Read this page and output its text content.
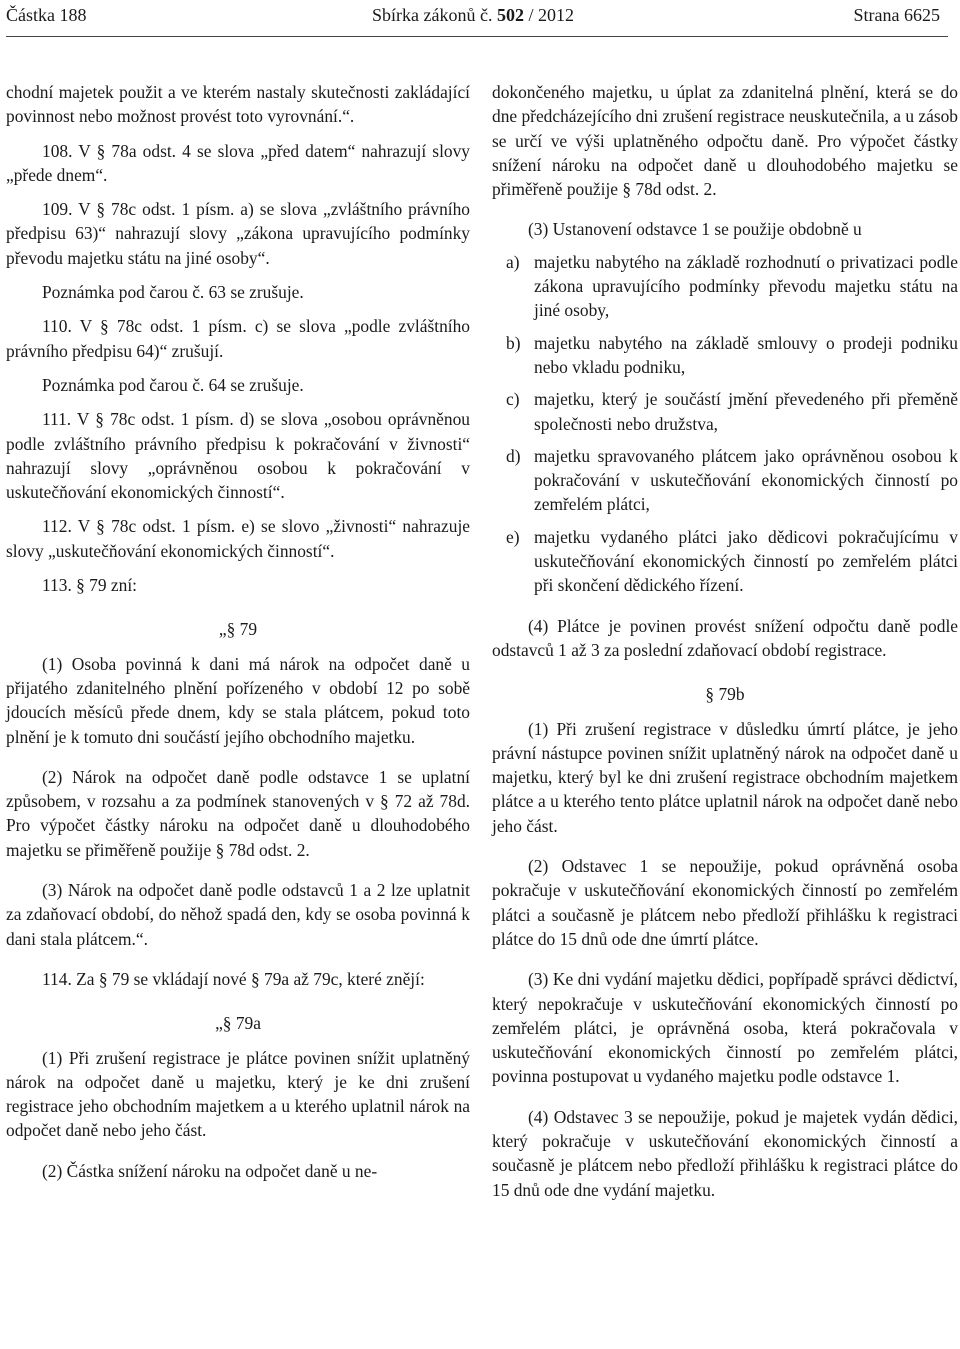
Částka 188	Sbírka zákonů č. 502 / 2012	Strana 6625

chodní majetek použit a ve kterém nastaly skutečnosti zakládající povinnost nebo možnost provést toto vyrovnání.“.

108. V § 78a odst. 4 se slova „před datem“ nahrazují slovy „přede dnem“.

109. V § 78c odst. 1 písm. a) se slova „zvláštního právního předpisu 63)“ nahrazují slovy „zákona upravujícího podmínky převodu majetku státu na jiné osoby“.

Poznámka pod čarou č. 63 se zrušuje.

110. V § 78c odst. 1 písm. c) se slova „podle zvláštního právního předpisu 64)“ zrušují.

Poznámka pod čarou č. 64 se zrušuje.

111. V § 78c odst. 1 písm. d) se slova „osobou oprávněnou podle zvláštního právního předpisu k pokračování v živnosti“ nahrazují slovy „oprávněnou osobou k pokračování v uskutečňování ekonomických činností“.

112. V § 78c odst. 1 písm. e) se slovo „živnosti“ nahrazuje slovy „uskutečňování ekonomických činností“.

113. § 79 zní:

„§ 79

(1) Osoba povinná k dani má nárok na odpočet daně u přijatého zdanitelného plnění pořízeného v období 12 po sobě jdoucích měsíců přede dnem, kdy se stala plátcem, pokud toto plnění je k tomuto dni součástí jejího obchodního majetku.

(2) Nárok na odpočet daně podle odstavce 1 se uplatní způsobem, v rozsahu a za podmínek stanovených v § 72 až 78d. Pro výpočet částky nároku na odpočet daně u dlouhodobého majetku se přiměřeně použije § 78d odst. 2.

(3) Nárok na odpočet daně podle odstavců 1 a 2 lze uplatnit za zdaňovací období, do něhož spadá den, kdy se osoba povinná k dani stala plátcem.“.

114. Za § 79 se vkládají nové § 79a až 79c, které znějí:

„§ 79a

(1) Při zrušení registrace je plátce povinen snížit uplatněný nárok na odpočet daně u majetku, který je ke dni zrušení registrace jeho obchodním majetkem a u kterého uplatnil nárok na odpočet daně nebo jeho část.

(2) Částka snížení nároku na odpočet daně u ne-

dokončeného majetku, u úplat za zdanitelná plnění, která se do dne předcházejícího dni zrušení registrace neuskutečnila, a u zásob se určí ve výši uplatněného odpočtu daně. Pro výpočet částky snížení nároku na odpočet daně u dlouhodobého majetku se přiměřeně použije § 78d odst. 2.

(3) Ustanovení odstavce 1 se použije obdobně u

a) majetku nabytého na základě rozhodnutí o privatizaci podle zákona upravujícího podmínky převodu majetku státu na jiné osoby,
b) majetku nabytého na základě smlouvy o prodeji podniku nebo vkladu podniku,
c) majetku, který je součástí jmění převedeného při přeměně společnosti nebo družstva,
d) majetku spravovaného plátcem jako oprávněnou osobou k pokračování v uskutečňování ekonomických činností po zemřelém plátci,
e) majetku vydaného plátci jako dědicovi pokračujícímu v uskutečňování ekonomických činností po zemřelém plátci při skončení dědického řízení.

(4) Plátce je povinen provést snížení odpočtu daně podle odstavců 1 až 3 za poslední zdaňovací období registrace.

§ 79b

(1) Při zrušení registrace v důsledku úmrtí plátce, je jeho právní nástupce povinen snížit uplatněný nárok na odpočet daně u majetku, který byl ke dni zrušení registrace obchodním majetkem plátce a u kterého tento plátce uplatnil nárok na odpočet daně nebo jeho část.

(2) Odstavec 1 se nepoužije, pokud oprávněná osoba pokračuje v uskutečňování ekonomických činností po zemřelém plátci a současně je plátcem nebo předloží přihlášku k registraci plátce do 15 dnů ode dne úmrtí plátce.

(3) Ke dni vydání majetku dědici, popřípadě správci dědictví, který nepokračuje v uskutečňování ekonomických činností po zemřelém plátci, je oprávněná osoba, která pokračovala v uskutečňování ekonomických činností po zemřelém plátci, povinna postupovat u vydaného majetku podle odstavce 1.

(4) Odstavec 3 se nepoužije, pokud je majetek vydán dědici, který pokračuje v uskutečňování ekonomických činností a současně je plátcem nebo předloží přihlášku k registraci plátce do 15 dnů ode dne vydání majetku.
